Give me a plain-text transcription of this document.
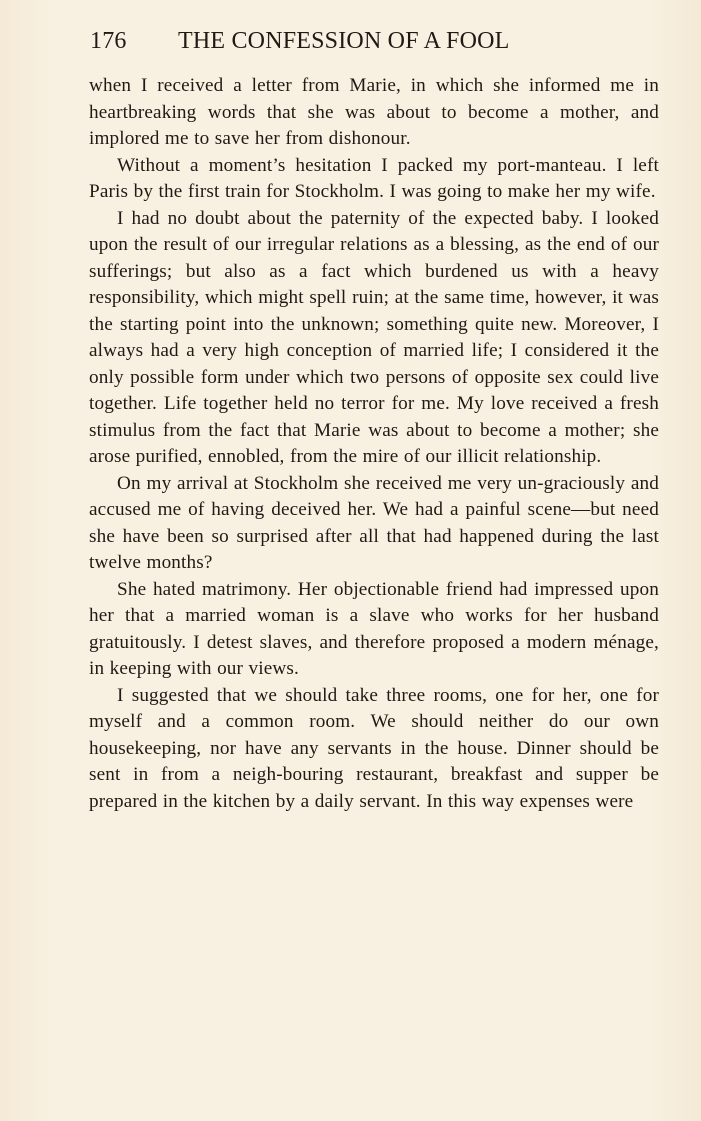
176 THE CONFESSION OF A FOOL

when I received a letter from Marie, in which she informed me in heartbreaking words that she was about to become a mother, and implored me to save her from dishonour.

Without a moment’s hesitation I packed my port-manteau. I left Paris by the first train for Stockholm. I was going to make her my wife.

I had no doubt about the paternity of the expected baby. I looked upon the result of our irregular relations as a blessing, as the end of our sufferings; but also as a fact which burdened us with a heavy responsibility, which might spell ruin; at the same time, however, it was the starting point into the unknown; something quite new. Moreover, I always had a very high conception of married life; I considered it the only possible form under which two persons of opposite sex could live together. Life together held no terror for me. My love received a fresh stimulus from the fact that Marie was about to become a mother; she arose purified, ennobled, from the mire of our illicit relationship.

On my arrival at Stockholm she received me very un-graciously and accused me of having deceived her. We had a painful scene—but need she have been so surprised after all that had happened during the last twelve months?

She hated matrimony. Her objectionable friend had impressed upon her that a married woman is a slave who works for her husband gratuitously. I detest slaves, and therefore proposed a modern ménage, in keeping with our views.

I suggested that we should take three rooms, one for her, one for myself and a common room. We should neither do our own housekeeping, nor have any servants in the house. Dinner should be sent in from a neigh-bouring restaurant, breakfast and supper be prepared in the kitchen by a daily servant. In this way expenses were
